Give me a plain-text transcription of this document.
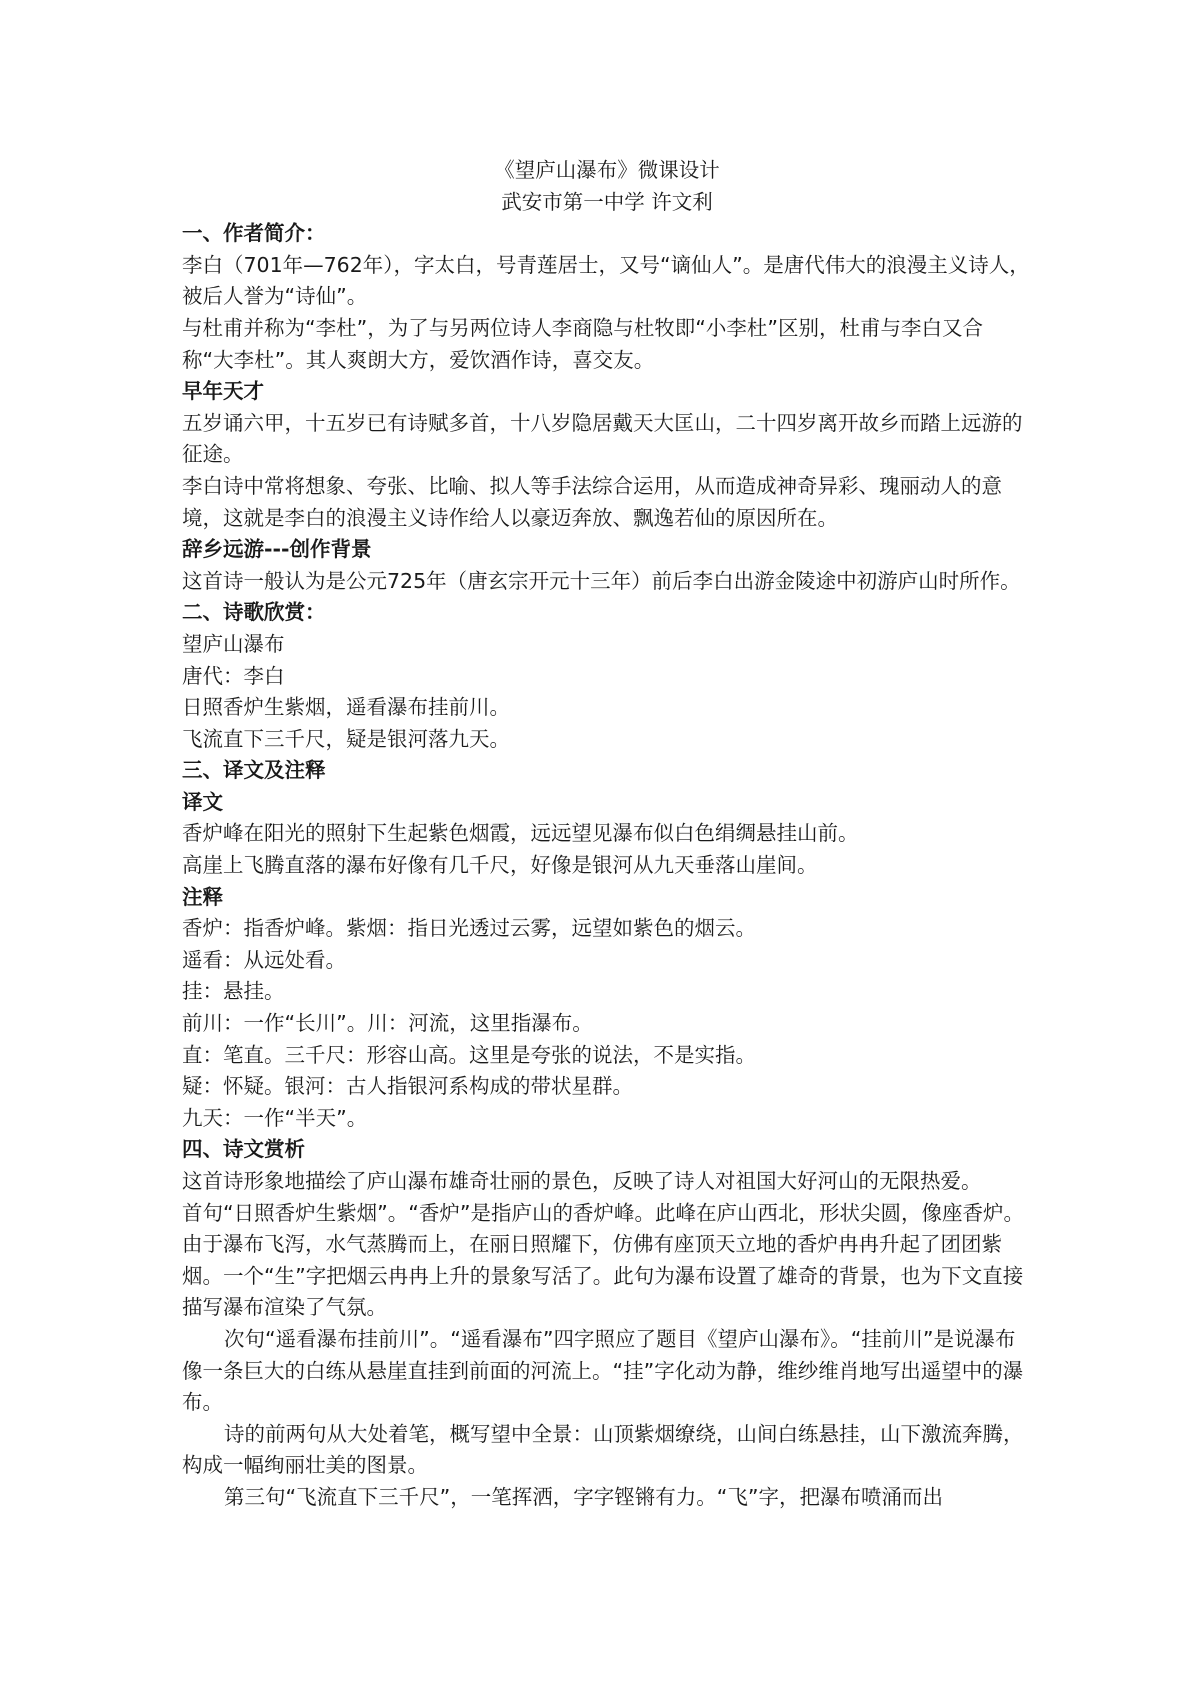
《望庐山瀑布》微课设计

武安市第一中学 许文利

一、作者简介：

李白（701年—762年），字太白，号青莲居士，又号“谪仙人”。是唐代伟大的浪漫主义诗人，被后人誉为“诗仙”。

与杜甫并称为“李杜”，为了与另两位诗人李商隐与杜牧即“小李杜”区别，杜甫与李白又合称“大李杜”。其人爽朗大方，爱饮酒作诗，喜交友。

早年天才

五岁诵六甲，十五岁已有诗赋多首，十八岁隐居戴天大匡山，二十四岁离开故乡而踏上远游的征途。

李白诗中常将想象、夸张、比喻、拟人等手法综合运用，从而造成神奇异彩、瑰丽动人的意境，这就是李白的浪漫主义诗作给人以豪迈奔放、飘逸若仙的原因所在。

辞乡远游---创作背景

这首诗一般认为是公元725年（唐玄宗开元十三年）前后李白出游金陵途中初游庐山时所作。

二、诗歌欣赏：

望庐山瀑布

唐代：李白

日照香炉生紫烟，遥看瀑布挂前川。

飞流直下三千尺，疑是银河落九天。

三、译文及注释

译文

香炉峰在阳光的照射下生起紫色烟霞，远远望见瀑布似白色绢绸悬挂山前。

高崖上飞腾直落的瀑布好像有几千尺，好像是银河从九天垂落山崖间。

注释

香炉：指香炉峰。紫烟：指日光透过云雾，远望如紫色的烟云。

遥看：从远处看。

挂：悬挂。

前川：一作“长川”。川：河流，这里指瀑布。

直：笔直。三千尺：形容山高。这里是夸张的说法，不是实指。

疑：怀疑。银河：古人指银河系构成的带状星群。

九天：一作“半天”。

四、诗文赏析

这首诗形象地描绘了庐山瀑布雄奇壮丽的景色，反映了诗人对祖国大好河山的无限热爱。

首句“日照香炉生紫烟”。“香炉”是指庐山的香炉峰。此峰在庐山西北，形状尖圆，像座香炉。由于瀑布飞泻，水气蒸腾而上，在丽日照耀下，仿佛有座顶天立地的香炉冉冉升起了团团紫烟。一个“生”字把烟云冉冉上升的景象写活了。此句为瀑布设置了雄奇的背景，也为下文直接描写瀑布渲染了气氛。

次句“遥看瀑布挂前川”。“遥看瀑布”四字照应了题目《望庐山瀑布》。“挂前川”是说瀑布像一条巨大的白练从悬崖直挂到前面的河流上。“挂”字化动为静，维纱维肖地写出遥望中的瀑布。

诗的前两句从大处着笔，概写望中全景：山顶紫烟缭绕，山间白练悬挂，山下激流奔腾，构成一幅绚丽壮美的图景。

第三句“飞流直下三千尺”，一笔挥洒，字字铿锵有力。“飞”字，把瀑布喷涌而出
